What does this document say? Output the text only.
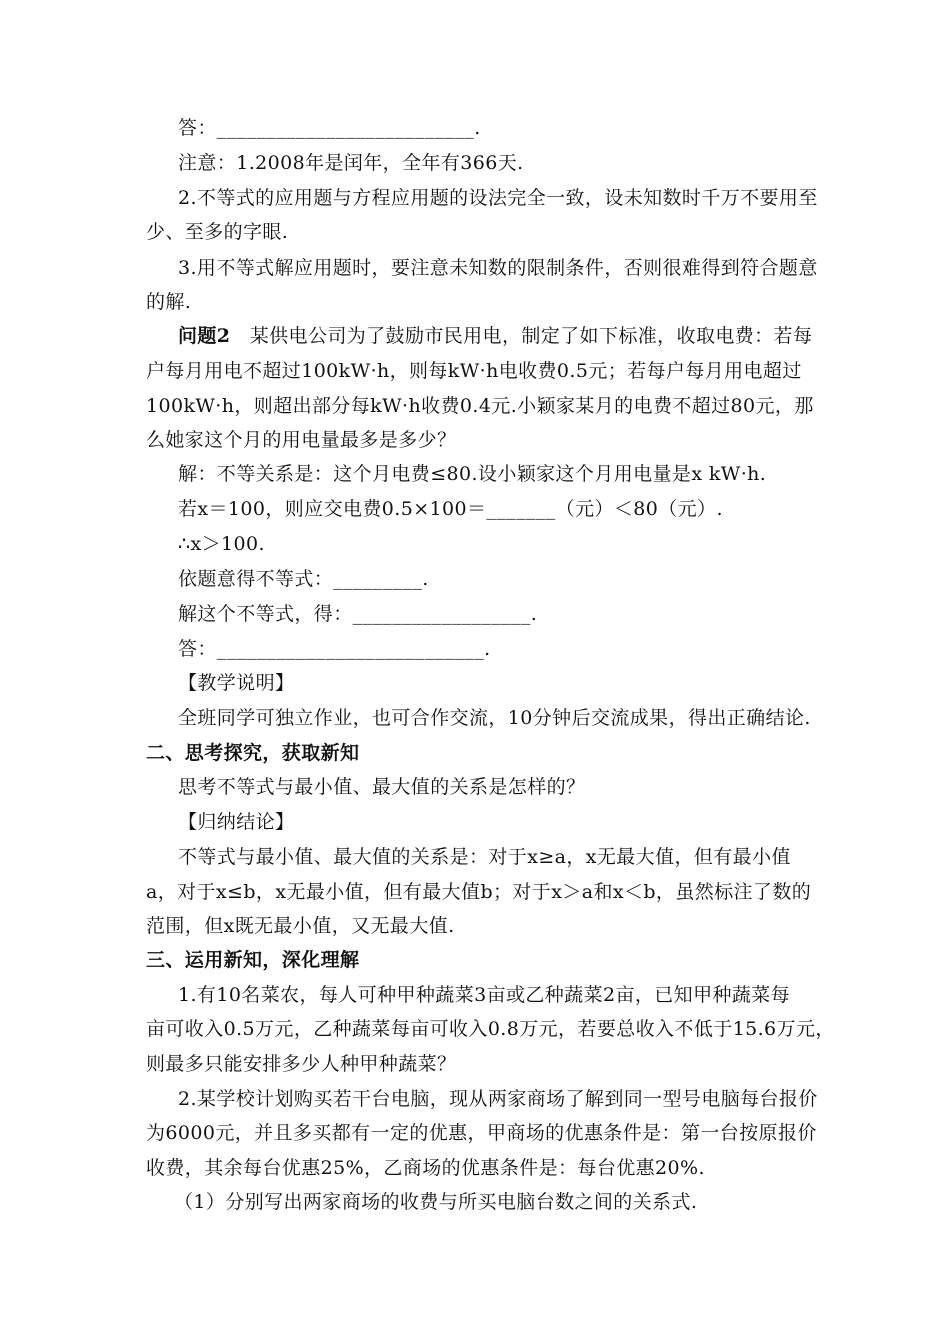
答：__________________________.
注意：1.2008年是闰年，全年有366天.
2.不等式的应用题与方程应用题的设法完全一致，设未知数时千万不要用至
少、至多的字眼.
3.用不等式解应用题时，要注意未知数的限制条件，否则很难得到符合题意
的解.
问题2 某供电公司为了鼓励市民用电，制定了如下标准，收取电费：若每
户每月用电不超过100kW·h，则每kW·h电收费0.5元；若每户每月用电超过
100kW·h，则超出部分每kW·h收费0.4元.小颖家某月的电费不超过80元，那
么她家这个月的用电量最多是多少？
解：不等关系是：这个月电费≤80.设小颖家这个月用电量是x kW·h.
若x＝100，则应交电费0.5×100＝_______（元）＜80（元）.
∴x＞100.
依题意得不等式：_________.
解这个不等式，得：__________________.
答：___________________________.
【教学说明】
全班同学可独立作业，也可合作交流，10分钟后交流成果，得出正确结论.
二、思考探究，获取新知
思考不等式与最小值、最大值的关系是怎样的？
【归纳结论】
不等式与最小值、最大值的关系是：对于x≥a，x无最大值，但有最小值
a，对于x≤b，x无最小值，但有最大值b；对于x＞a和x＜b，虽然标注了数的
范围，但x既无最小值，又无最大值.
三、运用新知，深化理解
1.有10名菜农，每人可种甲种蔬菜3亩或乙种蔬菜2亩，已知甲种蔬菜每
亩可收入0.5万元，乙种蔬菜每亩可收入0.8万元，若要总收入不低于15.6万元，
则最多只能安排多少人种甲种蔬菜？
2.某学校计划购买若干台电脑，现从两家商场了解到同一型号电脑每台报价
为6000元，并且多买都有一定的优惠，甲商场的优惠条件是：第一台按原报价
收费，其余每台优惠25%，乙商场的优惠条件是：每台优惠20%.
（1）分别写出两家商场的收费与所买电脑台数之间的关系式.
